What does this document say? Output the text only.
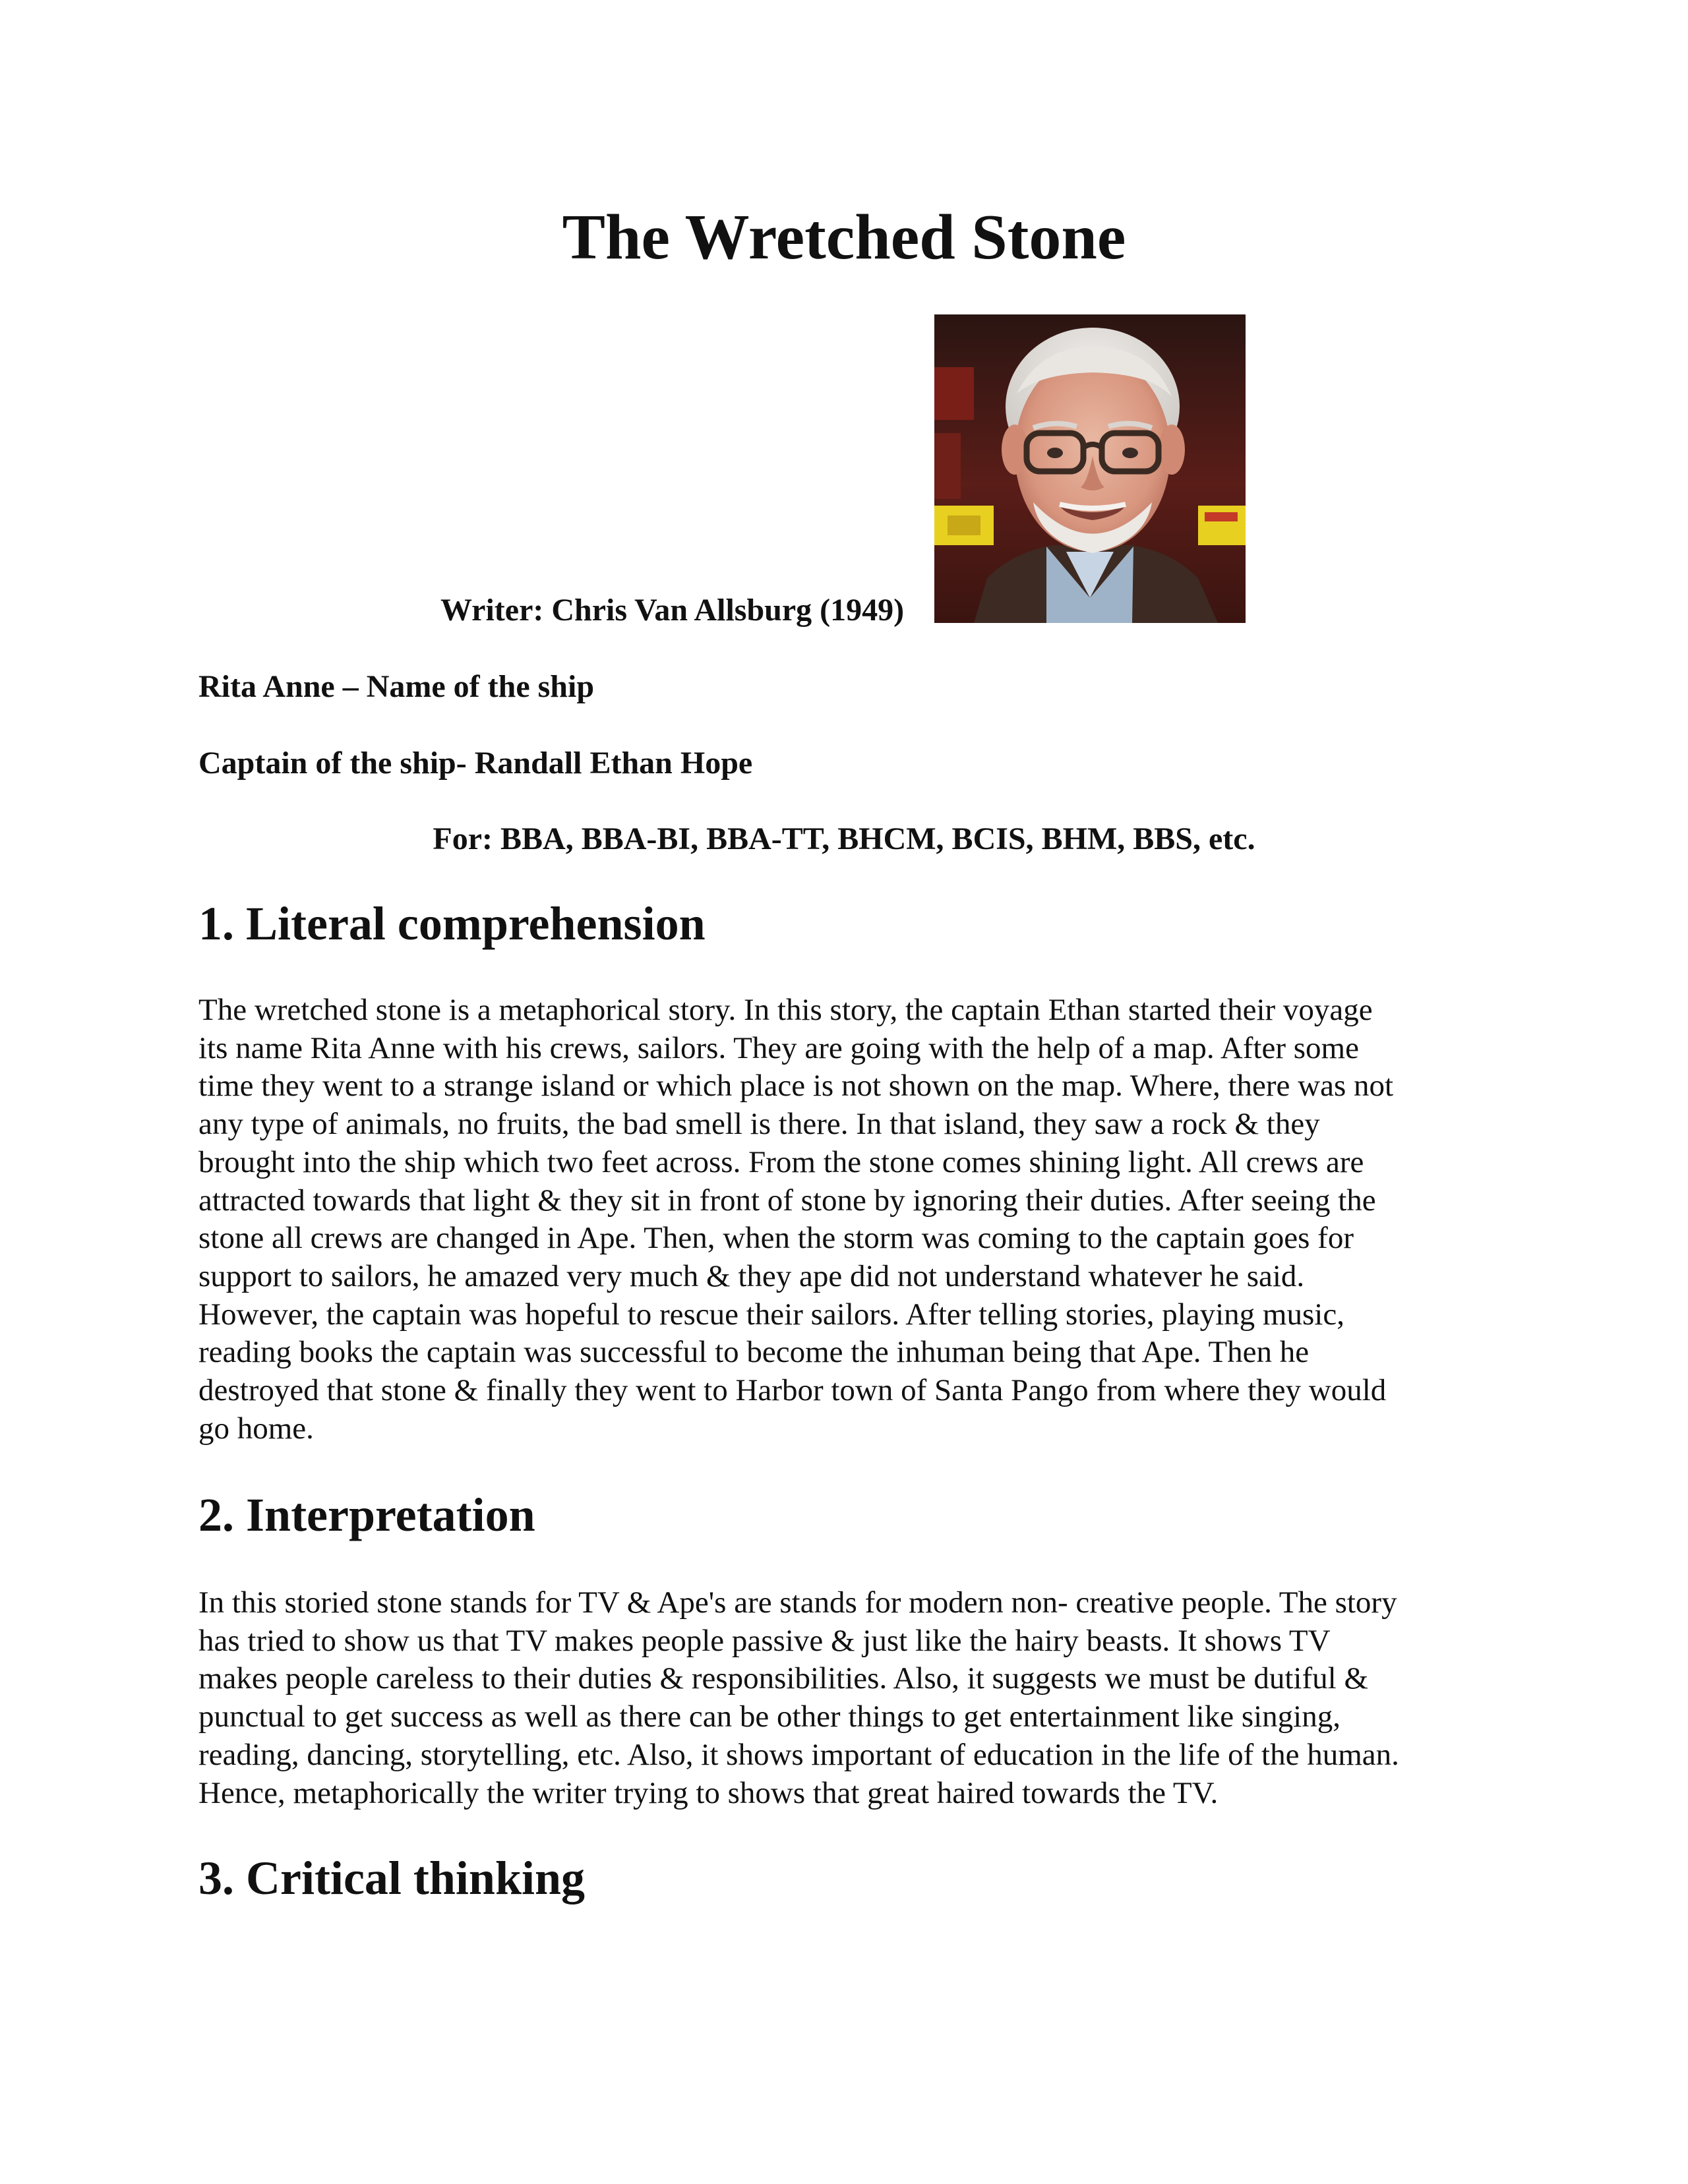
The Wretched Stone
Writer: Chris Van Allsburg (1949)
Rita Anne – Name of the ship
Captain of the ship- Randall Ethan Hope
For: BBA, BBA-BI, BBA-TT, BHCM, BCIS, BHM, BBS, etc.
1. Literal comprehension

The wretched stone is a metaphorical story. In this story, the captain Ethan started their voyage
its name Rita Anne with his crews, sailors. They are going with the help of a map. After some
time they went to a strange island or which place is not shown on the map. Where, there was not
any type of animals, no fruits, the bad smell is there. In that island, they saw a rock & they
brought into the ship which two feet across. From the stone comes shining light. All crews are
attracted towards that light & they sit in front of stone by ignoring their duties. After seeing the
stone all crews are changed in Ape. Then, when the storm was coming to the captain goes for
support to sailors, he amazed very much & they ape did not understand whatever he said.
However, the captain was hopeful to rescue their sailors. After telling stories, playing music,
reading books the captain was successful to become the inhuman being that Ape. Then he
destroyed that stone & finally they went to Harbor town of Santa Pango from where they would
go home.

2. Interpretation

In this storied stone stands for TV & Ape's are stands for modern non- creative people. The story
has tried to show us that TV makes people passive & just like the hairy beasts. It shows TV
makes people careless to their duties & responsibilities. Also, it suggests we must be dutiful &
punctual to get success as well as there can be other things to get entertainment like singing,
reading, dancing, storytelling, etc. Also, it shows important of education in the life of the human.
Hence, metaphorically the writer trying to shows that great haired towards the TV.

3. Critical thinking
